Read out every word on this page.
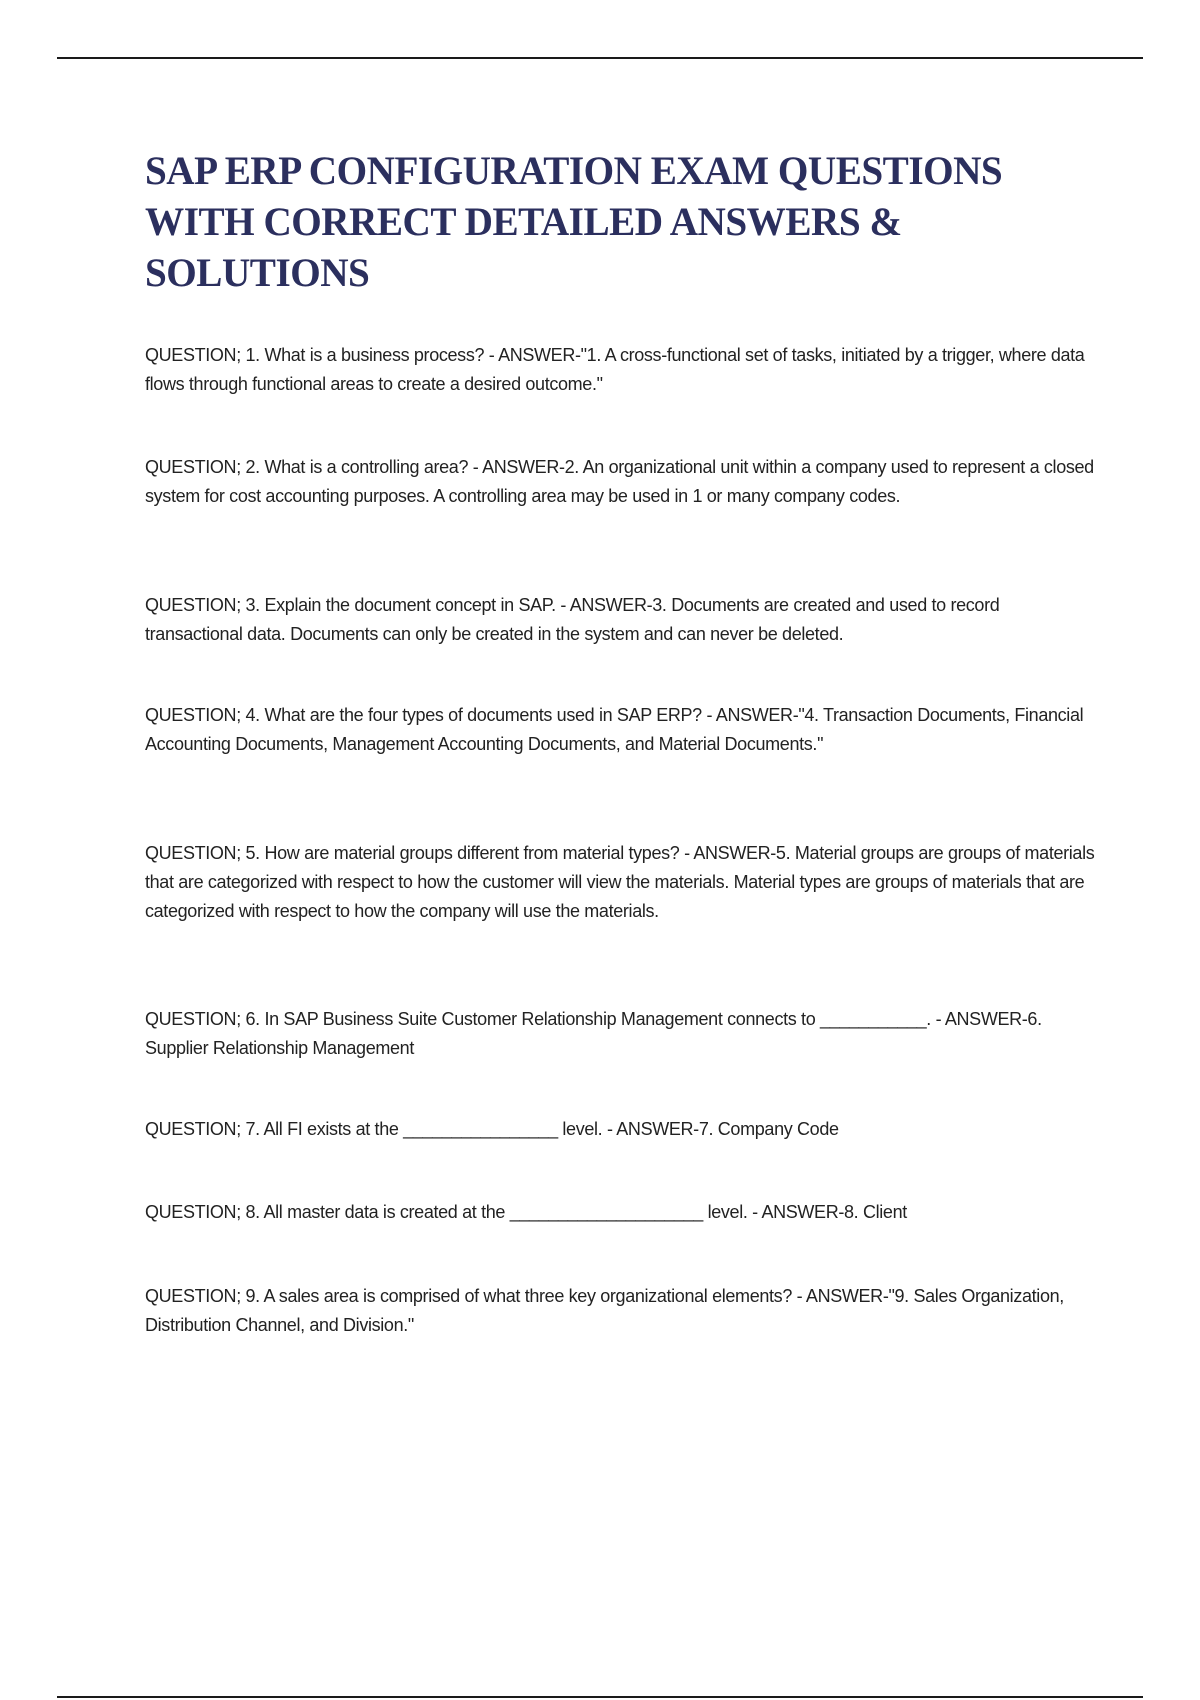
SAP ERP CONFIGURATION EXAM QUESTIONS WITH CORRECT DETAILED ANSWERS & SOLUTIONS

QUESTION; 1. What is a business process? - ANSWER-"1. A cross-functional set of tasks, initiated by a trigger, where data flows through functional areas to create a desired outcome."

QUESTION; 2. What is a controlling area? - ANSWER-2. An organizational unit within a company used to represent a closed system for cost accounting purposes. A controlling area may be used in 1 or many company codes.

QUESTION; 3. Explain the document concept in SAP. - ANSWER-3. Documents are created and used to record transactional data. Documents can only be created in the system and can never be deleted.

QUESTION; 4. What are the four types of documents used in SAP ERP? - ANSWER-"4. Transaction Documents, Financial Accounting Documents, Management Accounting Documents, and Material Documents."

QUESTION; 5. How are material groups different from material types? - ANSWER-5. Material groups are groups of materials that are categorized with respect to how the customer will view the materials. Material types are groups of materials that are categorized with respect to how the company will use the materials.

QUESTION; 6. In SAP Business Suite Customer Relationship Management connects to ___________. - ANSWER-6. Supplier Relationship Management

QUESTION; 7. All FI exists at the ________________ level. - ANSWER-7. Company Code

QUESTION; 8. All master data is created at the ____________________ level. - ANSWER-8. Client

QUESTION; 9. A sales area is comprised of what three key organizational elements? - ANSWER-"9. Sales Organization, Distribution Channel, and Division."
